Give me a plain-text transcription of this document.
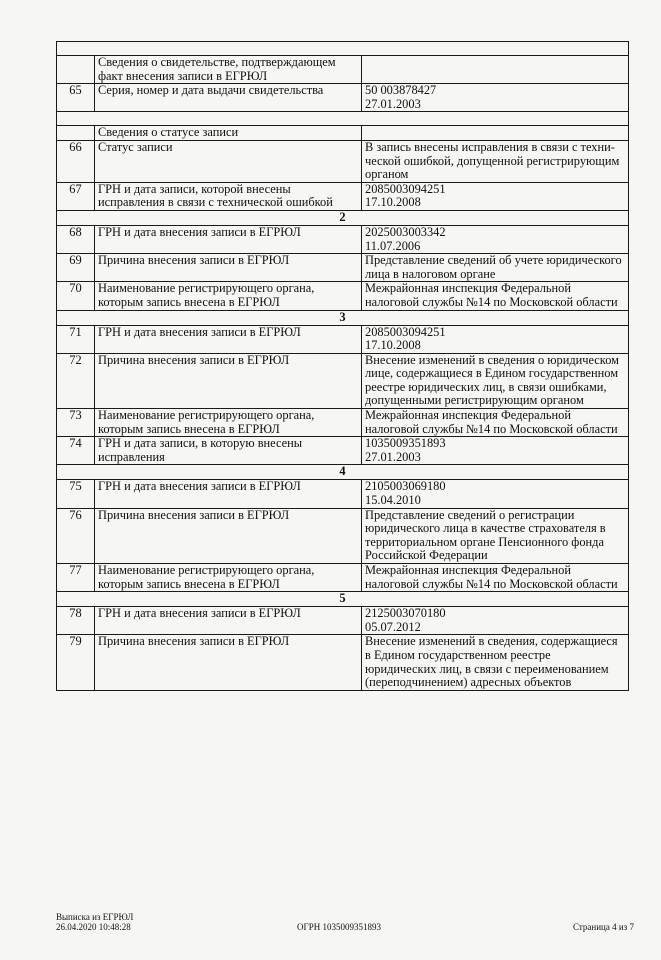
	Сведения о свидетельстве, подтверждающем факт внесения записи в ЕГРЮЛ	
65	Серия, номер и дата выдачи свидетельства	50 003878427
27.01.2003

	Сведения о статусе записи	
66	Статус записи	В запись внесены исправления в связи с технической ошибкой, допущенной регистрирующим органом

67	ГРН и дата записи, которой внесены исправления в связи с технической ошибкой	2085003094251
17.10.2008

2		
68	ГРН и дата внесения записи в ЕГРЮЛ	2025003003342
11.07.2006

69	Причина внесения записи в ЕГРЮЛ	Представление сведений об учете юридического лица в налоговом органе

70	Наименование регистрирующего органа, которым запись внесена в ЕГРЮЛ	Межрайонная инспекция Федеральной налоговой службы №14 по Московской области

3		
71	ГРН и дата внесения записи в ЕГРЮЛ	2085003094251
17.10.2008

72	Причина внесения записи в ЕГРЮЛ	Внесение изменений в сведения о юридическом лице, содержащиеся в Едином государственном реестре юридических лиц, в связи ошибками, допущенными регистрирующим органом

73	Наименование регистрирующего органа, которым запись внесена в ЕГРЮЛ	Межрайонная инспекция Федеральной налоговой службы №14 по Московской области

74	ГРН и дата записи, в которую внесены исправления	1035009351893
27.01.2003

4		
75	ГРН и дата внесения записи в ЕГРЮЛ	2105003069180
15.04.2010

76	Причина внесения записи в ЕГРЮЛ	Представление сведений о регистрации юридического лица в качестве страхователя в территориальном органе Пенсионного фонда Российской Федерации

77	Наименование регистрирующего органа, которым запись внесена в ЕГРЮЛ	Межрайонная инспекция Федеральной налоговой службы №14 по Московской области

5		
78	ГРН и дата внесения записи в ЕГРЮЛ	2125003070180
05.07.2012

79	Причина внесения записи в ЕГРЮЛ	Внесение изменений в сведения, содержащиеся в Едином государственном реестре юридических лиц, в связи с переименованием (переподчинением) адресных объектов
Выписка из ЕГРЮЛ
26.04.2020 10:48:28	ОГРН 1035009351893	Страница 4 из 7
